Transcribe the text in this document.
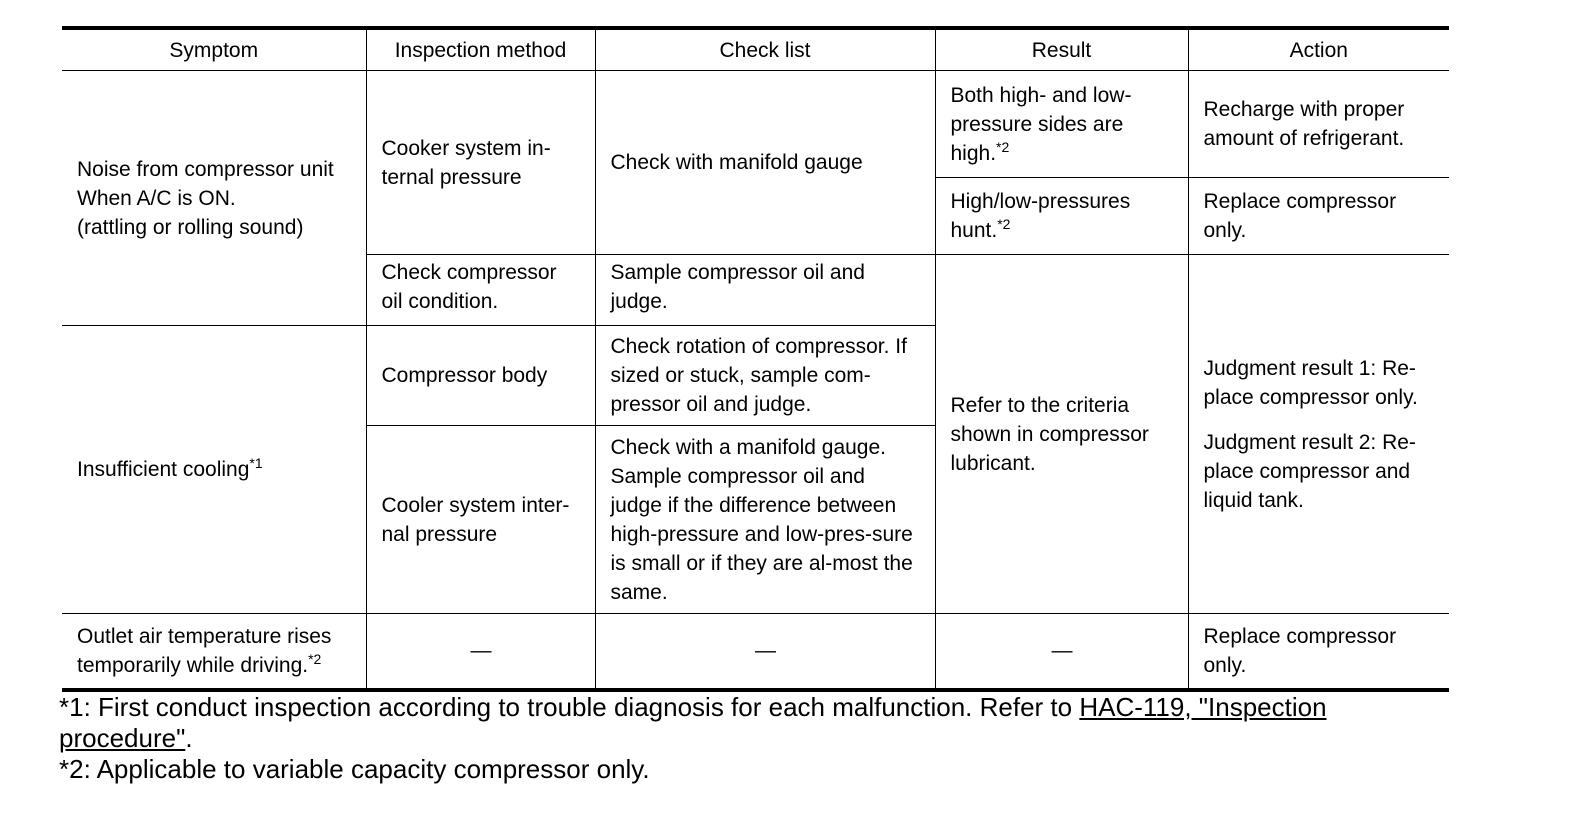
Symptom	Inspection method	Check list	Result	Action

Noise from compressor unit
When A/C is ON.
(rattling or rolling sound)	Cooker system in-ternal pressure	Check with manifold gauge	Both high- and low-pressure sides are high.$^{*2}$	Recharge with proper amount of refrigerant.
			High/low-pressures hunt.$^{*2}$	Replace compressor only.
	Check compressor oil condition.	Sample compressor oil and judge.	Refer to the criteria shown in compressor lubricant.	Judgment result 1: Re-place compressor only.
Judgment result 2: Re-place compressor and liquid tank.

Insufficient cooling$^{*1}$	Compressor body	Check rotation of compressor. If sized or stuck, sample com-pressor oil and judge.		
	Cooler system inter-nal pressure	Check with a manifold gauge. Sample compressor oil and judge if the difference between high-pressure and low-pres-sure is small or if they are al-most the same.		
Outlet air temperature rises temporarily while driving.$^{*2}$	—	—	—	Replace compressor only.
*1: First conduct inspection according to trouble diagnosis for each malfunction. Refer to HAC-119, "Inspection procedure".
*2: Applicable to variable capacity compressor only.
